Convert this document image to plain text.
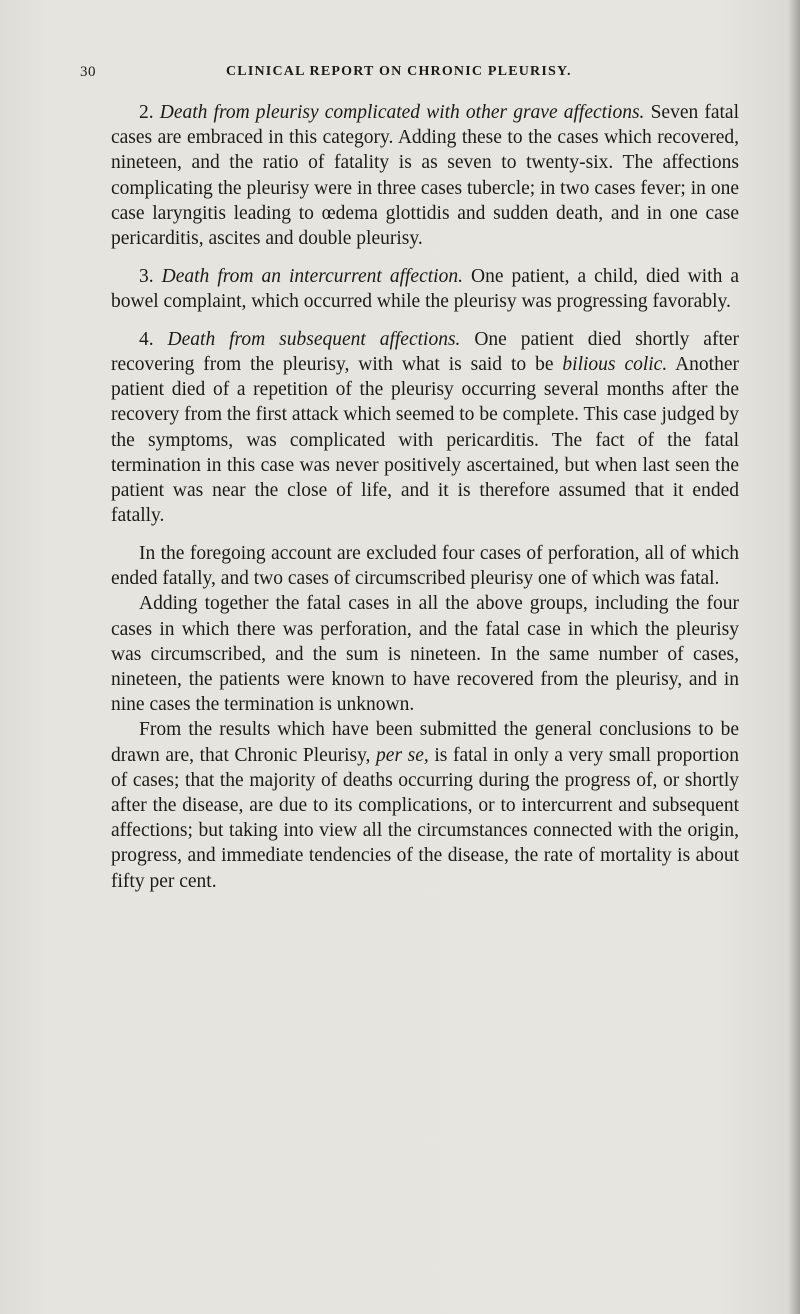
30	CLINICAL REPORT ON CHRONIC PLEURISY.

2. Death from pleurisy complicated with other grave affections. Seven fatal cases are embraced in this category. Adding these to the cases which recovered, nineteen, and the ratio of fatality is as seven to twenty-six. The affections complicating the pleurisy were in three cases tubercle; in two cases fever; in one case laryngitis leading to œdema glottidis and sudden death, and in one case pericarditis, ascites and double pleurisy.

3. Death from an intercurrent affection. One patient, a child, died with a bowel complaint, which occurred while the pleurisy was progressing favorably.

4. Death from subsequent affections. One patient died shortly after recovering from the pleurisy, with what is said to be bilious colic. Another patient died of a repetition of the pleurisy occurring several months after the recovery from the first attack which seemed to be complete. This case judged by the symptoms, was complicated with pericarditis. The fact of the fatal termination in this case was never positively ascertained, but when last seen the patient was near the close of life, and it is therefore assumed that it ended fatally.

In the foregoing account are excluded four cases of perforation, all of which ended fatally, and two cases of circumscribed pleurisy one of which was fatal.

Adding together the fatal cases in all the above groups, including the four cases in which there was perforation, and the fatal case in which the pleurisy was circumscribed, and the sum is nineteen. In the same number of cases, nineteen, the patients were known to have recovered from the pleurisy, and in nine cases the termination is unknown.

From the results which have been submitted the general conclusions to be drawn are, that Chronic Pleurisy, per se, is fatal in only a very small proportion of cases; that the majority of deaths occurring during the progress of, or shortly after the disease, are due to its complications, or to intercurrent and subsequent affections; but taking into view all the circumstances connected with the origin, progress, and immediate tendencies of the disease, the rate of mortality is about fifty per cent.
